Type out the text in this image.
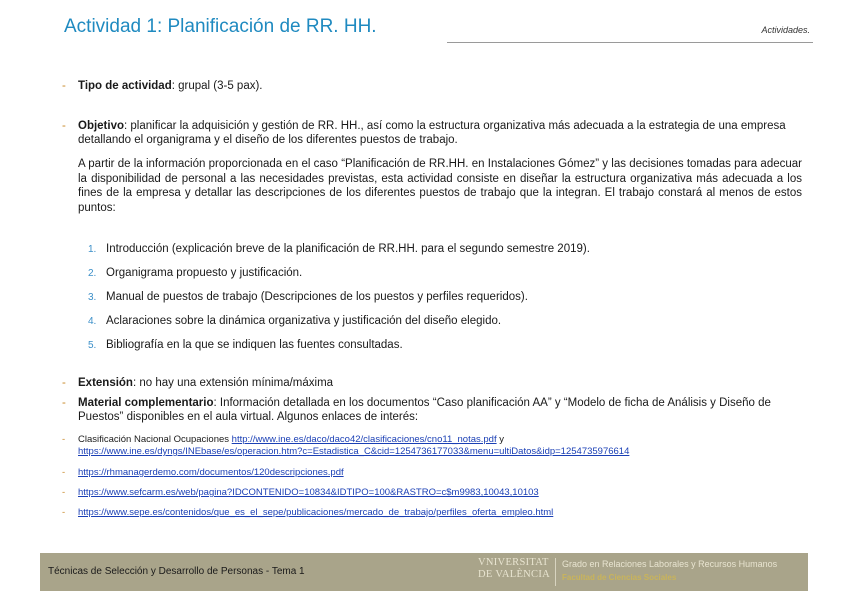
Actividad 1: Planificación de RR. HH.	Actividades.
- Tipo de actividad: grupal (3-5 pax).
- Objetivo: planificar la adquisición y gestión de RR. HH., así como la estructura organizativa más adecuada a la estrategia de una empresa detallando el organigrama y el diseño de los diferentes puestos de trabajo.
A partir de la información proporcionada en el caso “Planificación de RR.HH. en Instalaciones Gómez” y las decisiones tomadas para adecuar la disponibilidad de personal a las necesidades previstas, esta actividad consiste en diseñar la estructura organizativa más adecuada a los fines de la empresa y detallar las descripciones de los diferentes puestos de trabajo que la integran. El trabajo constará al menos de estos puntos:
1. Introducción (explicación breve de la planificación de RR.HH. para el segundo semestre 2019).
2. Organigrama propuesto y justificación.
3. Manual de puestos de trabajo (Descripciones de los puestos y perfiles requeridos).
4. Aclaraciones sobre la dinámica organizativa y justificación del diseño elegido.
5. Bibliografía en la que se indiquen las fuentes consultadas.
- Extensión: no hay una extensión mínima/máxima
- Material complementario: Información detallada en los documentos “Caso planificación AA” y “Modelo de ficha de Análisis y Diseño de Puestos” disponibles en el aula virtual. Algunos enlaces de interés:
- Clasificación Nacional Ocupaciones http://www.ine.es/daco/daco42/clasificaciones/cno11_notas.pdf y
https://www.ine.es/dyngs/INEbase/es/operacion.htm?c=Estadistica_C&cid=1254736177033&menu=ultiDatos&idp=1254735976614
- https://rhmanagerdemo.com/documentos/120descripciones.pdf
- https://www.sefcarm.es/web/pagina?IDCONTENIDO=10834&IDTIPO=100&RASTRO=c$m9983,10043,10103
- https://www.sepe.es/contenidos/que_es_el_sepe/publicaciones/mercado_de_trabajo/perfiles_oferta_empleo.html
Técnicas de Selección y Desarrollo de Personas - Tema 1
VNIVERSITAT
DE VALÈNCIA
Grado en Relaciones Laborales y Recursos Humanos
Facultad de Ciencias Sociales
